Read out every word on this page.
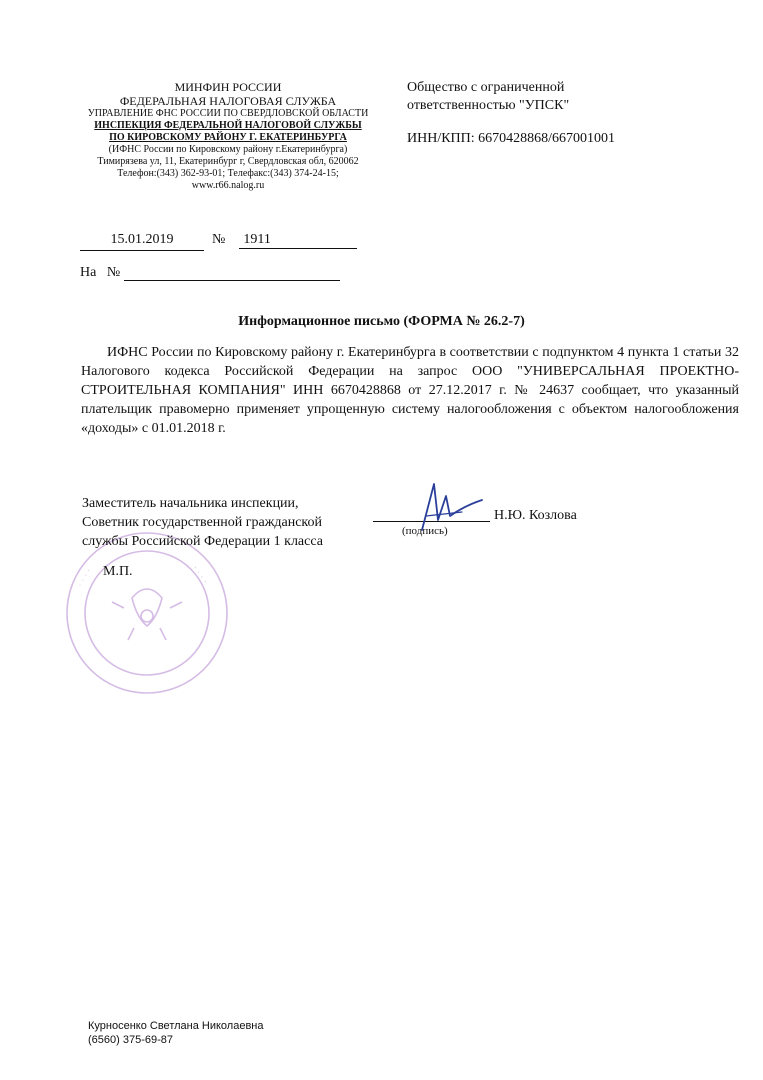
МИНФИН РОССИИ
ФЕДЕРАЛЬНАЯ НАЛОГОВАЯ СЛУЖБА
УПРАВЛЕНИЕ ФНС РОССИИ ПО СВЕРДЛОВСКОЙ ОБЛАСТИ
ИНСПЕКЦИЯ ФЕДЕРАЛЬНОЙ НАЛОГОВОЙ СЛУЖБЫ
ПО КИРОВСКОМУ РАЙОНУ Г. ЕКАТЕРИНБУРГА
(ИФНС России по Кировскому району г.Екатеринбурга)
Тимирязева ул, 11, Екатеринбург г, Свердловская обл, 620062
Телефон:(343) 362-93-01; Телефакс:(343) 374-24-15;
www.r66.nalog.ru
Общество с ограниченной
ответственностью "УПСК"
ИНН/КПП: 6670428868/667001001
15.01.2019	№ 1911
На   №
Информационное письмо (ФОРМА № 26.2-7)
ИФНС России по Кировскому району г. Екатеринбурга в соответствии с подпунктом 4 пункта 1 статьи 32 Налогового кодекса Российской Федерации на запрос ООО "УНИВЕРСАЛЬНАЯ ПРОЕКТНО-СТРОИТЕЛЬНАЯ КОМПАНИЯ" ИНН 6670428868 от 27.12.2017 г. № 24637 сообщает, что указанный плательщик правомерно применяет упрощенную систему налогообложения с объектом налогообложения «доходы» с 01.01.2018 г.
· · · ·	· · · ·
Заместитель начальника инспекции,
Советник государственной гражданской
службы Российской Федерации 1 класса
(подпись)
Н.Ю. Козлова
М.П.
Курносенко Светлана Николаевна
(6560) 375-69-87
